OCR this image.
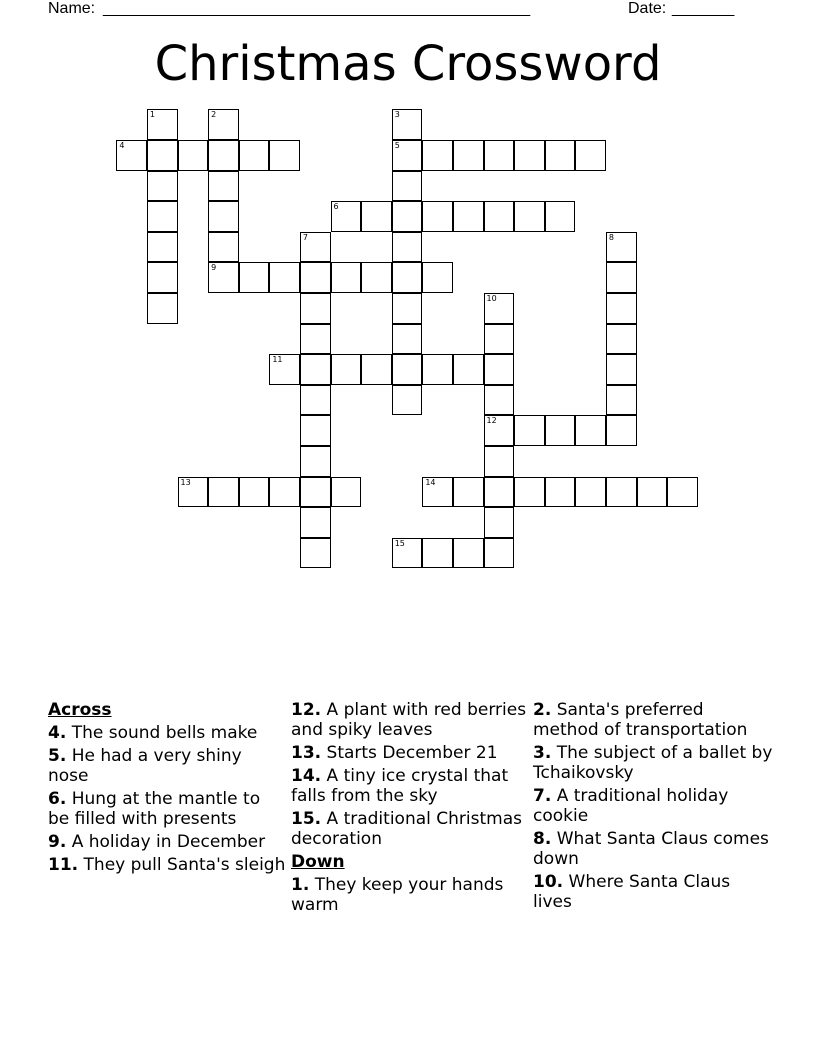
Name: ________________________________________________	Date: _______
Christmas Crossword
1	2	3
4	5
6
7	8
9
10
11
12
13	14
15
Across
4. The sound bells make
5. He had a very shiny nose
6. Hung at the mantle to be filled with presents
9. A holiday in December
11. They pull Santa's sleigh
12. A plant with red berries and spiky leaves
13. Starts December 21
14. A tiny ice crystal that falls from the sky
15. A traditional Christmas decoration
Down
1. They keep your hands warm
2. Santa's preferred method of transportation
3. The subject of a ballet by Tchaikovsky
7. A traditional holiday cookie
8. What Santa Claus comes down
10. Where Santa Claus lives
